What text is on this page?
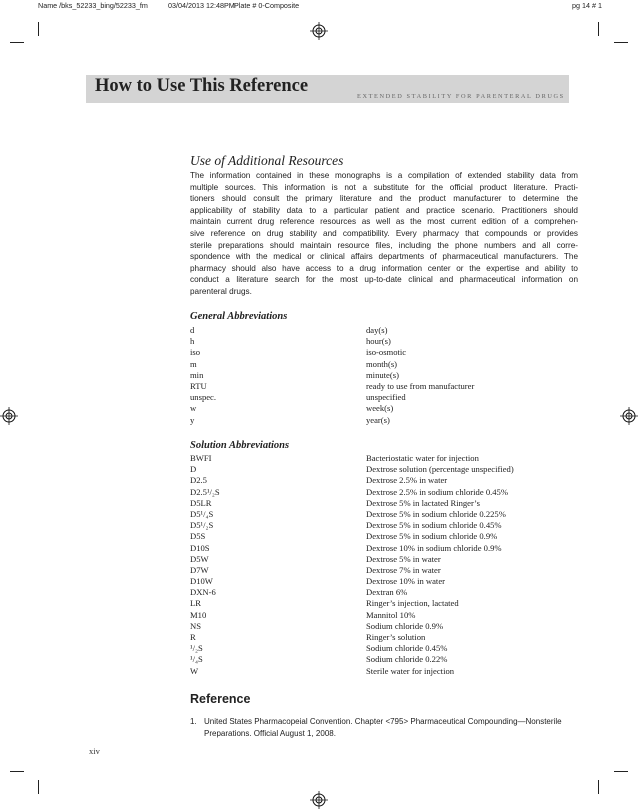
Name /bks_52233_bing/52233_fm	03/04/2013 12:48PM Plate # 0-Composite	pg 14 # 1
How to Use This Reference
EXTENDED STABILITY FOR PARENTERAL DRUGS
Use of Additional Resources
The information contained in these monographs is a compilation of extended stability data from
multiple sources. This information is not a substitute for the official product literature. Practi-
tioners should consult the primary literature and the product manufacturer to determine the
applicability of stability data to a particular patient and practice scenario. Practitioners should
maintain current drug reference resources as well as the most current edition of a comprehen-
sive reference on drug stability and compatibility. Every pharmacy that compounds or provides
sterile preparations should maintain resource files, including the phone numbers and all corre-
spondence with the medical or clinical affairs departments of pharmaceutical manufacturers. The
pharmacy should also have access to a drug information center or the expertise and ability to
conduct a literature search for the most up-to-date clinical and pharmaceutical information on
parenteral drugs.
General Abbreviations
d	day(s)
h	hour(s)
iso	iso-osmotic
m	month(s)
min	minute(s)
RTU	ready to use from manufacturer
unspec.	unspecified
w	week(s)
y	year(s)
Solution Abbreviations
BWFI	Bacteriostatic water for injection
D	Dextrose solution (percentage unspecified)
D2.5	Dextrose 2.5% in water
D2.5¹/₂S	Dextrose 2.5% in sodium chloride 0.45%
D5LR	Dextrose 5% in lactated Ringer’s
D5¹/₄S	Dextrose 5% in sodium chloride 0.225%
D5¹/₂S	Dextrose 5% in sodium chloride 0.45%
D5S	Dextrose 5% in sodium chloride 0.9%
D10S	Dextrose 10% in sodium chloride 0.9%
D5W	Dextrose 5% in water
D7W	Dextrose 7% in water
D10W	Dextrose 10% in water
DXN-6	Dextran 6%
LR	Ringer’s injection, lactated
M10	Mannitol 10%
NS	Sodium chloride 0.9%
R	Ringer’s solution
¹/₂S	Sodium chloride 0.45%
¹/₄S	Sodium chloride 0.22%
W	Sterile water for injection
Reference
1. United States Pharmacopeial Convention. Chapter <795> Pharmaceutical Compounding—Nonsterile
Preparations. Official August 1, 2008.
xiv
